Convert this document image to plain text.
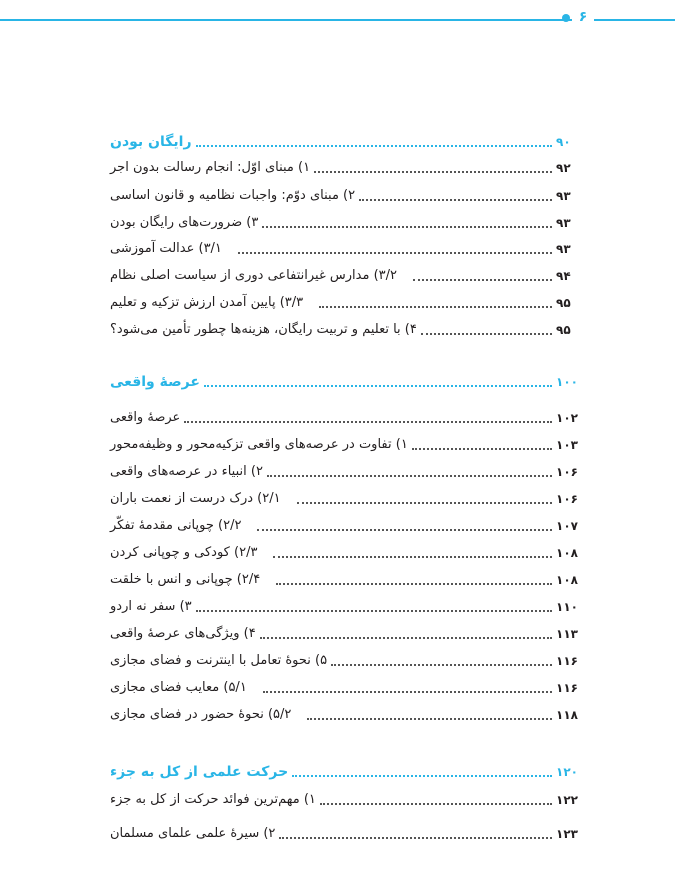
۶
رایگان بودن	۹۰
۱) مبنای اوّل: انجام رسالت بدون اجر	۹۲
۲) مبنای دوّم: واجبات نظامیه و قانون اساسی	۹۳
۳) ضرورت‌های رایگان بودن	۹۳
۳/۱) عدالت آموزشی	۹۳
۳/۲) مدارس غیرانتفاعی دوری از سیاست اصلی نظام	۹۴
۳/۳) پایین آمدن ارزش تزکیه و تعلیم	۹۵
۴) با تعلیم و تربیت رایگان، هزینه‌ها چطور تأمین می‌شود؟	۹۵
عرصهٔ واقعی	۱۰۰
عرصهٔ واقعی	۱۰۲
۱) تفاوت در عرصه‌های واقعی تزکیه‌محور و وظیفه‌محور	۱۰۳
۲) انبیاء در عرصه‌های واقعی	۱۰۶
۲/۱) درک درست از نعمت باران	۱۰۶
۲/۲) چوپانی مقدمهٔ تفکّر	۱۰۷
۲/۳) کودکی و چوپانی کردن	۱۰۸
۲/۴) چوپانی و انس با خلقت	۱۰۸
۳) سفر نه اردو	۱۱۰
۴) ویژگی‌های عرصهٔ واقعی	۱۱۳
۵) نحوهٔ تعامل با اینترنت و فضای مجازی	۱۱۶
۵/۱) معایب فضای مجازی	۱۱۶
۵/۲) نحوهٔ حضور در فضای مجازی	۱۱۸
حرکت علمی از کل به جزء	۱۲۰
۱) مهم‌ترین فوائد حرکت از کل به جزء	۱۲۲
۲) سیرهٔ علمی علمای مسلمان	۱۲۳
